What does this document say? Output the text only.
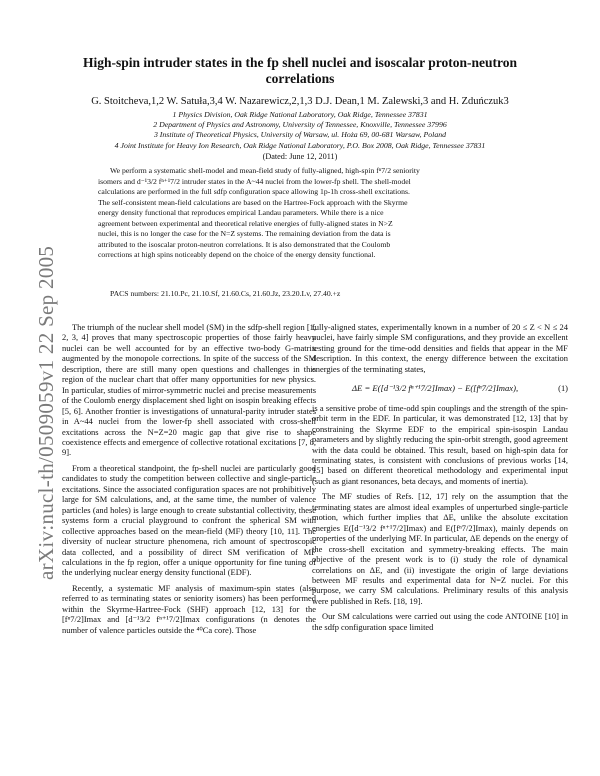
arXiv:nucl-th/0509059v1 22 Sep 2005
High-spin intruder states in the fp shell nuclei and isoscalar proton-neutron
correlations
G. Stoitcheva,1,2 W. Satuła,3,4 W. Nazarewicz,2,1,3 D.J. Dean,1 M. Zalewski,3 and H. Zduńczuk3
1 Physics Division, Oak Ridge National Laboratory, Oak Ridge, Tennessee 37831
2 Department of Physics and Astronomy, University of Tennessee, Knoxville, Tennessee 37996
3 Institute of Theoretical Physics, University of Warsaw, ul. Hoża 69, 00-681 Warsaw, Poland
4 Joint Institute for Heavy Ion Research, Oak Ridge National Laboratory, P.O. Box 2008, Oak Ridge, Tennessee 37831
(Dated: June 12, 2011)
We perform a systematic shell-model and mean-field study of fully-aligned, high-spin fⁿ7/2 seniority
isomers and d⁻¹3/2 fⁿ⁺¹7/2 intruder states in the A~44 nuclei from the lower-fp shell. The shell-model
calculations are performed in the full sdfp configuration space allowing 1p-1h cross-shell excitations.
The self-consistent mean-field calculations are based on the Hartree-Fock approach with the Skyrme
energy density functional that reproduces empirical Landau parameters. While there is a nice
agreement between experimental and theoretical relative energies of fully-aligned states in N>Z
nuclei, this is no longer the case for the N=Z systems. The remaining deviation from the data is
attributed to the isoscalar proton-neutron correlations. It is also demonstrated that the Coulomb
corrections at high spins noticeably depend on the choice of the energy density functional.
PACS numbers: 21.10.Pc, 21.10.Sf, 21.60.Cs, 21.60.Jz, 23.20.Lv, 27.40.+z

The triumph of the nuclear shell model (SM) in the sdfp-shell region [1, 2, 3, 4] proves that many spectroscopic properties of those fairly heavy nuclei can be well accounted for by an effective two-body G-matrix augmented by the monopole corrections. In spite of the success of the SM description, there are still many open questions and challenges in this region of the nuclear chart that offer many opportunities for new physics. In particular, studies of mirror-symmetric nuclei and precise measurements of the Coulomb energy displacement shed light on isospin breaking effects [5, 6]. Another frontier is investigations of unnatural-parity intruder states in A~44 nuclei from the lower-fp shell associated with cross-shell excitations across the N=Z=20 magic gap that give rise to shape coexistence effects and emergence of collective rotational excitations [7, 8, 9].

From a theoretical standpoint, the fp-shell nuclei are particularly good candidates to study the competition between collective and single-particle excitations. Since the associated configuration spaces are not prohibitively large for SM calculations, and, at the same time, the number of valence particles (and holes) is large enough to create substantial collectivity, these systems form a crucial playground to confront the spherical SM with collective approaches based on the mean-field (MF) theory [10, 11]. The diversity of nuclear structure phenomena, rich amount of spectroscopic data collected, and a possibility of direct SM verification of MF calculations in the fp region, offer a unique opportunity for fine tuning of the underlying nuclear energy density functional (EDF).

Recently, a systematic MF analysis of maximum-spin states (also referred to as terminating states or seniority isomers) has been performed within the Skyrme-Hartree-Fock (SHF) approach [12, 13] for the [fⁿ7/2]Imax and [d⁻¹3/2 fⁿ⁺¹7/2]Imax configurations (n denotes the number of valence particles outside the ⁴⁰Ca core). Those

fully-aligned states, experimentally known in a number of 20 ≤ Z < N ≤ 24 nuclei, have fairly simple SM configurations, and they provide an excellent testing ground for the time-odd densities and fields that appear in the MF description. In this context, the energy difference between the excitation energies of the terminating states,

ΔE = E([d⁻¹3/2 fⁿ⁺¹7/2]Imax) − E([fⁿ7/2]Imax),	(1)

is a sensitive probe of time-odd spin couplings and the strength of the spin-orbit term in the EDF. In particular, it was demonstrated [12, 13] that by constraining the Skyrme EDF to the empirical spin-isospin Landau parameters and by slightly reducing the spin-orbit strength, good agreement with the data could be obtained. This result, based on high-spin data for terminating states, is consistent with conclusions of previous works [14, 15] based on different theoretical methodology and experimental input (such as giant resonances, beta decays, and moments of inertia).

The MF studies of Refs. [12, 17] rely on the assumption that the terminating states are almost ideal examples of unperturbed single-particle motion, which further implies that ΔE, unlike the absolute excitation energies E([d⁻¹3/2 fⁿ⁺¹7/2]Imax) and E([fⁿ7/2]Imax), mainly depends on properties of the underlying MF. In particular, ΔE depends on the energy of the cross-shell excitation and symmetry-breaking effects. The main objective of the present work is to (i) study the role of dynamical correlations on ΔE, and (ii) investigate the origin of large deviations between MF results and experimental data for N=Z nuclei. For this purpose, we carry SM calculations. Preliminary results of this analysis were published in Refs. [18, 19].

Our SM calculations were carried out using the code ANTOINE [10] in the sdfp configuration space limited
